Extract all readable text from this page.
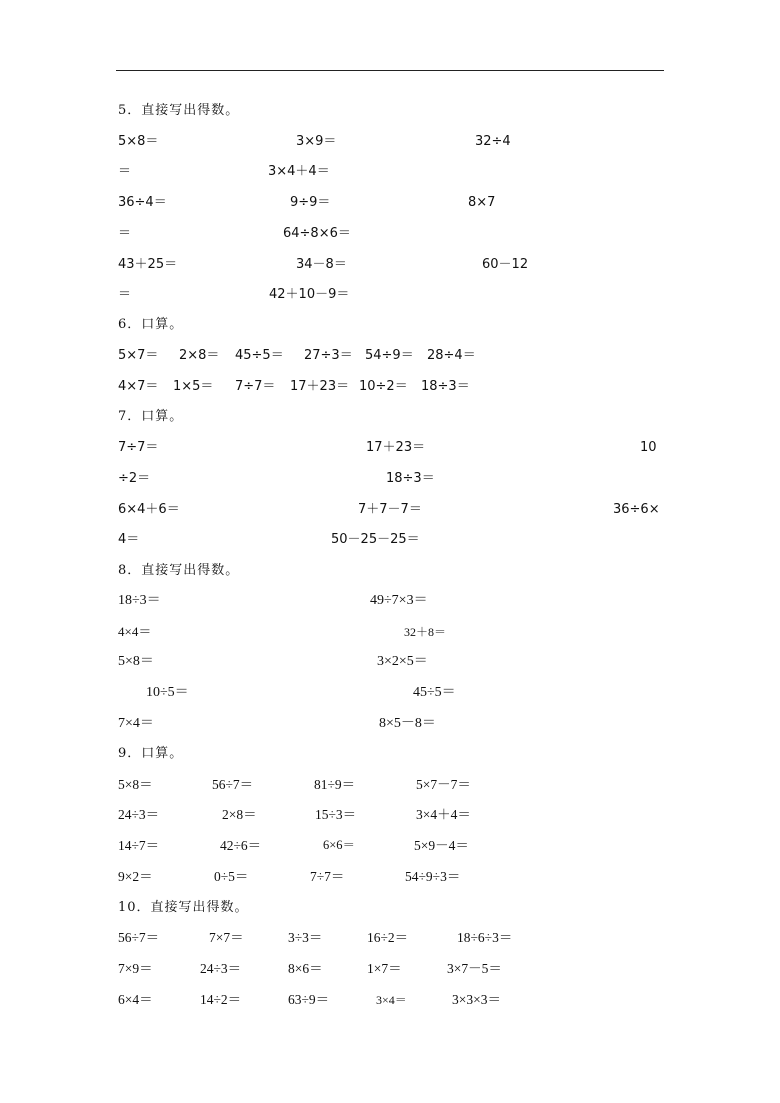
5．直接写出得数。
5×8＝	3×9＝	32÷4
＝	3×4＋4＝
36÷4＝	9÷9＝	8×7
＝	64÷8×6＝
43＋25＝	34－8＝	60－12
＝	42＋10－9＝
6．口算。
5×7＝ 2×8＝ 45÷5＝ 27÷3＝ 54÷9＝ 28÷4＝
4×7＝ 1×5＝ 7÷7＝ 17＋23＝ 10÷2＝ 18÷3＝
7．口算。
7÷7＝	17＋23＝	10
÷2＝	18÷3＝
6×4＋6＝	7＋7－7＝	36÷6×
4＝	50－25－25＝
8．直接写出得数。
18÷3＝	49÷7×3＝
4×4＝	32＋8＝
5×8＝	3×2×5＝
10÷5＝	45÷5＝
7×4＝	8×5－8＝
9．口算。
5×8＝	56÷7＝	81÷9＝	5×7－7＝
24÷3＝	2×8＝	15÷3＝	3×4＋4＝
14÷7＝	42÷6＝	6×6＝	5×9－4＝
9×2＝	0÷5＝	7÷7＝	54÷9÷3＝
10．直接写出得数。
56÷7＝	7×7＝	3÷3＝	16÷2＝	18÷6÷3＝
7×9＝	24÷3＝	8×6＝	1×7＝	3×7－5＝
6×4＝	14÷2＝	63÷9＝	3×4＝	3×3×3＝
